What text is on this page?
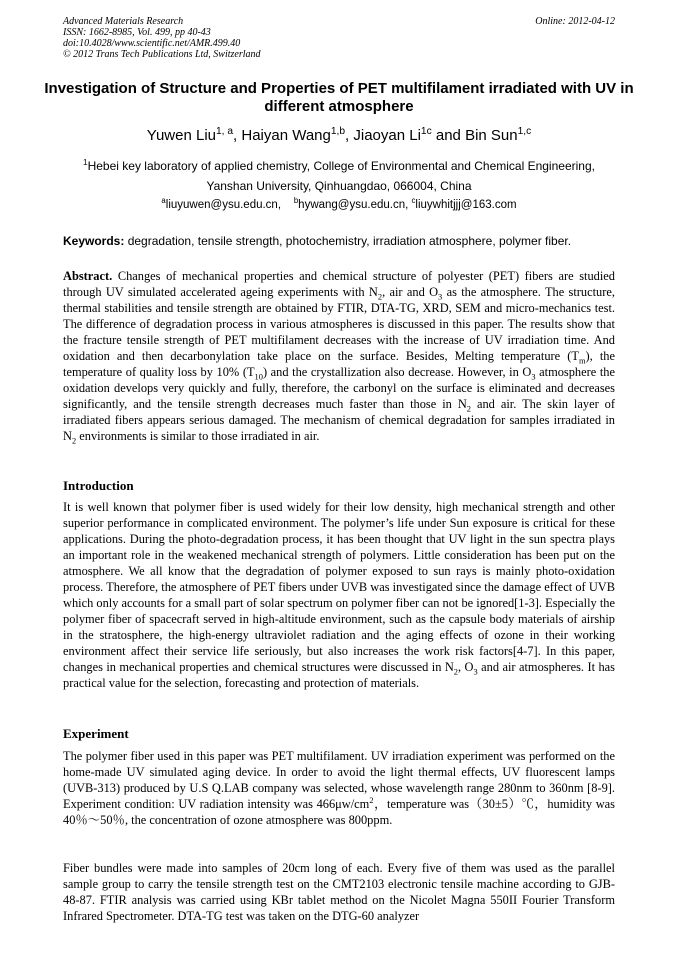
Advanced Materials Research
ISSN: 1662-8985, Vol. 499, pp 40-43
doi:10.4028/www.scientific.net/AMR.499.40
© 2012 Trans Tech Publications Ltd, Switzerland
Online: 2012-04-12
Investigation of Structure and Properties of PET multifilament irradiated with UV in different atmosphere
Yuwen Liu$^{1, a}$, Haiyan Wang$^{1,b}$, Jiaoyan $Li^{1c}$ and Bin Sun$^{1,c}$
$^1$Hebei key laboratory of applied chemistry, College of Environmental and Chemical Engineering,
Yanshan University, Qinhuangdao, 066004, China
$^a$liuyuwen@ysu.edu.cn, $^b$hywang@ysu.edu.cn, $^c$liuywhitjjj@163.com
Keywords: degradation, tensile strength, photochemistry, irradiation atmosphere, polymer fiber.

Abstract. Changes of mechanical properties and chemical structure of polyester (PET) fibers are studied through UV simulated accelerated ageing experiments with $N_2$, air and $O_3$ as the atmosphere. The structure, thermal stabilities and tensile strength are obtained by FTIR, DTA-TG, XRD, SEM and micro-mechanics test. The difference of degradation process in various atmospheres is discussed in this paper. The results show that the fracture tensile strength of PET multifilament decreases with the increase of UV irradiation time. And oxidation and then decarbonylation take place on the surface. Besides, Melting temperature $(T_m)$, the temperature of quality loss by 10% $(T_{10})$ and the crystallization also decrease. However, in $O_3$ atmosphere the oxidation develops very quickly and fully, therefore, the carbonyl on the surface is eliminated and decreases significantly, and the tensile strength decreases much faster than those in $N_2$ and air. The skin layer of irradiated fibers appears serious damaged. The mechanism of chemical degradation for samples irradiated in $N_2$ environments is similar to those irradiated in air.

Introduction

It is well known that polymer fiber is used widely for their low density, high mechanical strength and other superior performance in complicated environment. The polymer’s life under Sun exposure is critical for these applications. During the photo-degradation process, it has been thought that UV light in the sun spectra plays an important role in the weakened mechanical strength of polymers. Little consideration has been put on the atmosphere. We all know that the degradation of polymer exposed to sun rays is mainly photo-oxidation process. Therefore, the atmosphere of PET fibers under UVB was investigated since the damage effect of UVB which only accounts for a small part of solar spectrum on polymer fiber can not be ignored[1-3]. Especially the polymer fiber of spacecraft served in high-altitude environment, such as the capsule body materials of airship in the stratosphere, the high-energy ultraviolet radiation and the aging effects of ozone in their working environment affect their service life seriously, but also increases the work risk factors[4-7]. In this paper, changes in mechanical properties and chemical structures were discussed in $N_2$, $O_3$ and air atmospheres. It has practical value for the selection, forecasting and protection of materials.

Experiment

The polymer fiber used in this paper was PET multifilament. UV irradiation experiment was performed on the home-made UV simulated aging device. In order to avoid the light thermal effects, UV fluorescent lamps (UVB-313) produced by U.S Q.LAB company was selected, whose wavelength range 280nm to 360nm [8-9]. Experiment condition: UV radiation intensity was $466\mu w/cm^2$，temperature was（30±5）℃，humidity was 40％～50％, the concentration of ozone atmosphere was 800ppm.

Fiber bundles were made into samples of 20cm long of each. Every five of them was used as the parallel sample group to carry the tensile strength test on the CMT2103 electronic tensile machine according to GJB-48-87. FTIR analysis was carried using KBr tablet method on the Nicolet Magna 550II Fourier Transform Infrared Spectrometer. DTA-TG test was taken on the DTG-60 analyzer
